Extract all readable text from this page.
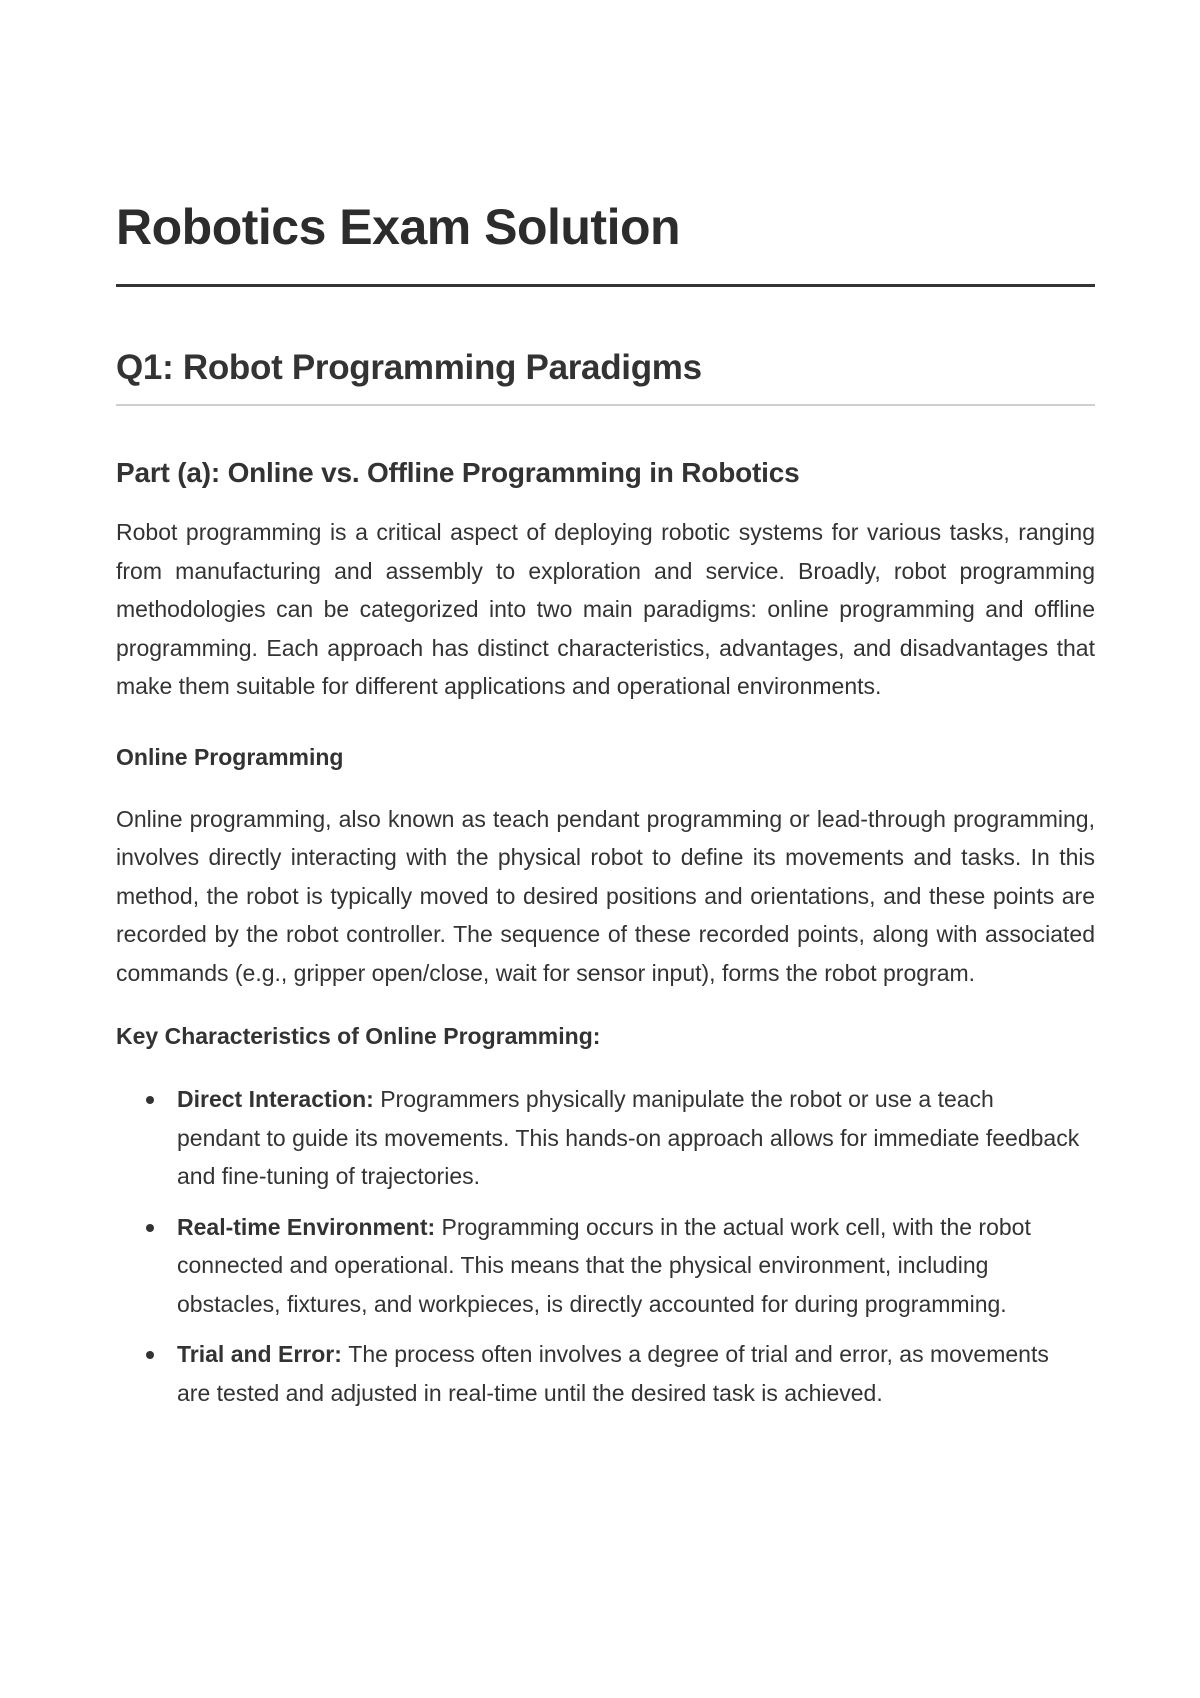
Robotics Exam Solution
Q1: Robot Programming Paradigms
Part (a): Online vs. Offline Programming in Robotics

Robot programming is a critical aspect of deploying robotic systems for various tasks, ranging from manufacturing and assembly to exploration and service. Broadly, robot programming methodologies can be categorized into two main paradigms: online programming and offline programming. Each approach has distinct characteristics, advantages, and disadvantages that make them suitable for different applications and operational environments.

Online Programming

Online programming, also known as teach pendant programming or lead-through programming, involves directly interacting with the physical robot to define its movements and tasks. In this method, the robot is typically moved to desired positions and orientations, and these points are recorded by the robot controller. The sequence of these recorded points, along with associated commands (e.g., gripper open/close, wait for sensor input), forms the robot program.

Key Characteristics of Online Programming:
Direct Interaction: Programmers physically manipulate the robot or use a teach pendant to guide its movements. This hands-on approach allows for immediate feedback and fine-tuning of trajectories.
Real-time Environment: Programming occurs in the actual work cell, with the robot connected and operational. This means that the physical environment, including obstacles, fixtures, and workpieces, is directly accounted for during programming.
Trial and Error: The process often involves a degree of trial and error, as movements are tested and adjusted in real-time until the desired task is achieved.
